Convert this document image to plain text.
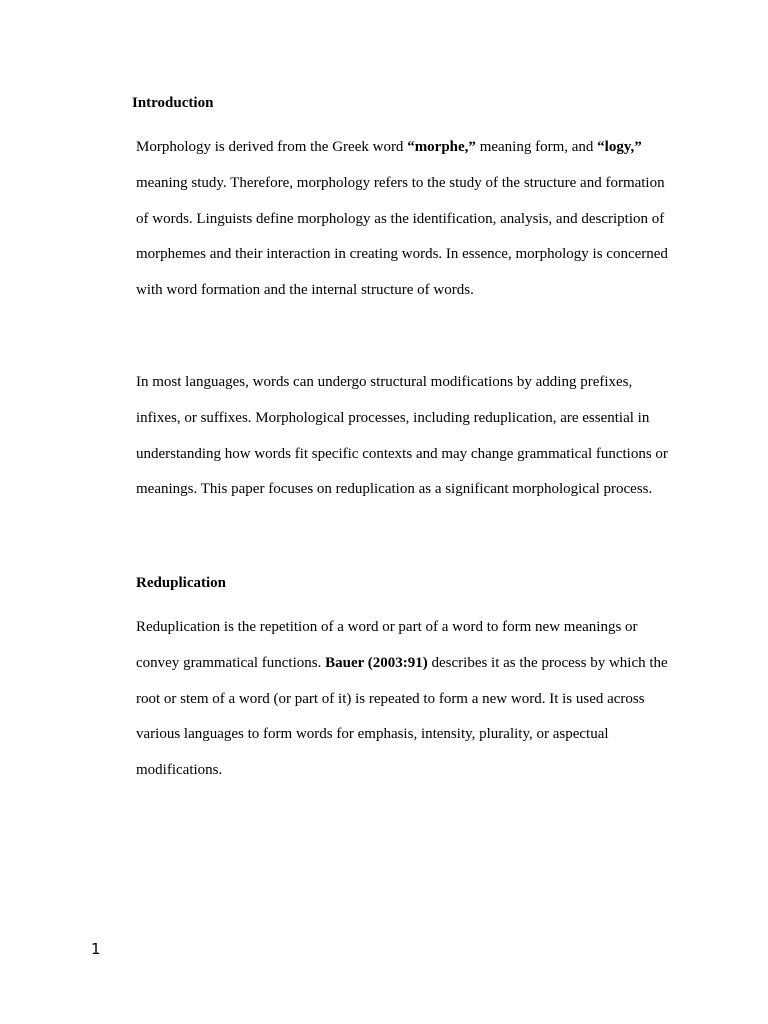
Introduction
Morphology is derived from the Greek word “morphe,” meaning form, and “logy,”
meaning study. Therefore, morphology refers to the study of the structure and formation
of words. Linguists define morphology as the identification, analysis, and description of
morphemes and their interaction in creating words. In essence, morphology is concerned
with word formation and the internal structure of words.
In most languages, words can undergo structural modifications by adding prefixes,
infixes, or suffixes. Morphological processes, including reduplication, are essential in
understanding how words fit specific contexts and may change grammatical functions or
meanings. This paper focuses on reduplication as a significant morphological process.
Reduplication
Reduplication is the repetition of a word or part of a word to form new meanings or
convey grammatical functions. Bauer (2003:91) describes it as the process by which the
root or stem of a word (or part of it) is repeated to form a new word. It is used across
various languages to form words for emphasis, intensity, plurality, or aspectual
modifications.
1
